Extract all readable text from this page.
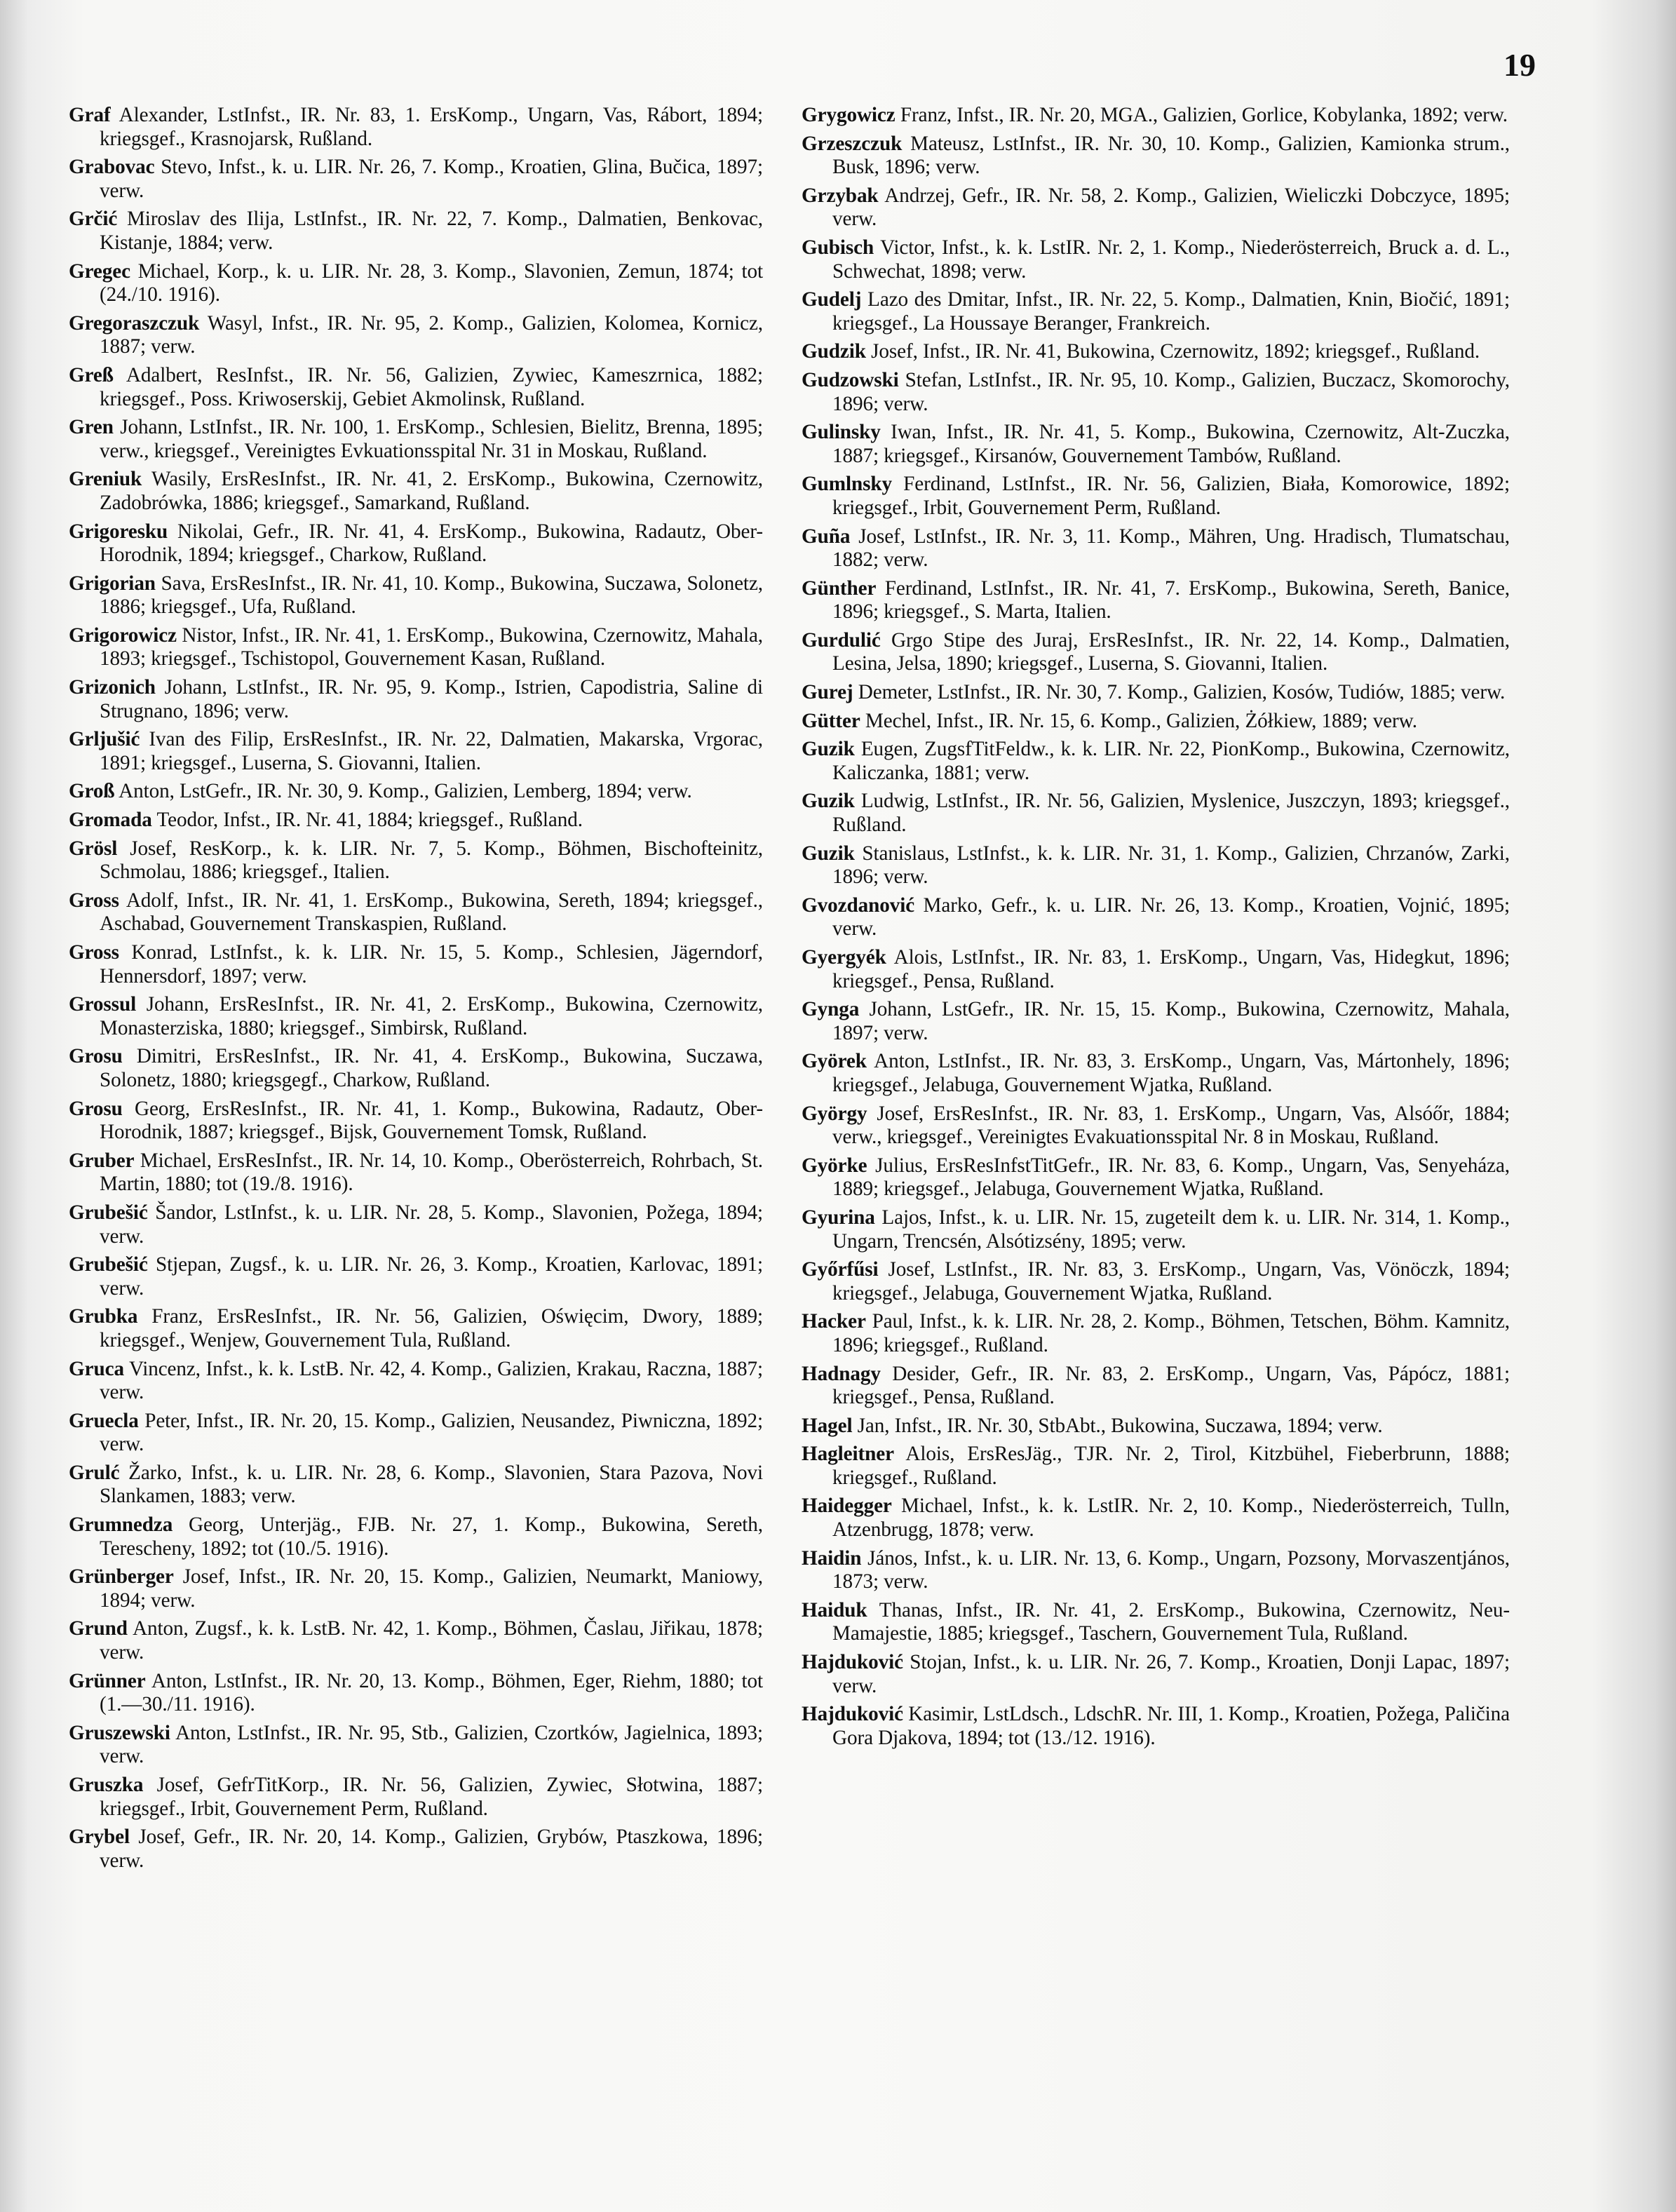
19

Graf Alexander, LstInfst., IR. Nr. 83, 1. ErsKomp., Ungarn, Vas, Rábort, 1894; kriegsgef., Krasnojarsk, Rußland.

Grabovac Stevo, Infst., k. u. LIR. Nr. 26, 7. Komp., Kroatien, Glina, Bučica, 1897; verw.

Grčić Miroslav des Ilija, LstInfst., IR. Nr. 22, 7. Komp., Dalmatien, Benkovac, Kistanje, 1884; verw.

Gregec Michael, Korp., k. u. LIR. Nr. 28, 3. Komp., Slavonien, Zemun, 1874; tot (24./10. 1916).

Gregoraszczuk Wasyl, Infst., IR. Nr. 95, 2. Komp., Galizien, Kolomea, Kornicz, 1887; verw.

Greß Adalbert, ResInfst., IR. Nr. 56, Galizien, Zywiec, Kameszrnica, 1882; kriegsgef., Poss. Kriwoserskij, Gebiet Akmolinsk, Rußland.

Gren Johann, LstInfst., IR. Nr. 100, 1. ErsKomp., Schlesien, Bielitz, Brenna, 1895; verw., kriegsgef., Vereinigtes Evkuationsspital Nr. 31 in Moskau, Rußland.

Greniuk Wasily, ErsResInfst., IR. Nr. 41, 2. ErsKomp., Bukowina, Czernowitz, Zadobrówka, 1886; kriegsgef., Samarkand, Rußland.

Grigoresku Nikolai, Gefr., IR. Nr. 41, 4. ErsKomp., Bukowina, Radautz, Ober-Horodnik, 1894; kriegsgef., Charkow, Rußland.

Grigorian Sava, ErsResInfst., IR. Nr. 41, 10. Komp., Bukowina, Suczawa, Solonetz, 1886; kriegsgef., Ufa, Rußland.

Grigorowicz Nistor, Infst., IR. Nr. 41, 1. ErsKomp., Bukowina, Czernowitz, Mahala, 1893; kriegsgef., Tschistopol, Gouvernement Kasan, Rußland.

Grizonich Johann, LstInfst., IR. Nr. 95, 9. Komp., Istrien, Capodistria, Saline di Strugnano, 1896; verw.

Grljušić Ivan des Filip, ErsResInfst., IR. Nr. 22, Dalmatien, Makarska, Vrgorac, 1891; kriegsgef., Luserna, S. Giovanni, Italien.

Groß Anton, LstGefr., IR. Nr. 30, 9. Komp., Galizien, Lemberg, 1894; verw.

Gromada Teodor, Infst., IR. Nr. 41, 1884; kriegsgef., Rußland.

Grösl Josef, ResKorp., k. k. LIR. Nr. 7, 5. Komp., Böhmen, Bischofteinitz, Schmolau, 1886; kriegsgef., Italien.

Gross Adolf, Infst., IR. Nr. 41, 1. ErsKomp., Bukowina, Sereth, 1894; kriegsgef., Aschabad, Gouvernement Transkaspien, Rußland.

Gross Konrad, LstInfst., k. k. LIR. Nr. 15, 5. Komp., Schlesien, Jägerndorf, Hennersdorf, 1897; verw.

Grossul Johann, ErsResInfst., IR. Nr. 41, 2. ErsKomp., Bukowina, Czernowitz, Monasterziska, 1880; kriegsgef., Simbirsk, Rußland.

Grosu Dimitri, ErsResInfst., IR. Nr. 41, 4. ErsKomp., Bukowina, Suczawa, Solonetz, 1880; kriegsgegf., Charkow, Rußland.

Grosu Georg, ErsResInfst., IR. Nr. 41, 1. Komp., Bukowina, Radautz, Ober-Horodnik, 1887; kriegsgef., Bijsk, Gouvernement Tomsk, Rußland.

Gruber Michael, ErsResInfst., IR. Nr. 14, 10. Komp., Oberösterreich, Rohrbach, St. Martin, 1880; tot (19./8. 1916).

Grubešić Šandor, LstInfst., k. u. LIR. Nr. 28, 5. Komp., Slavonien, Požega, 1894; verw.

Grubešić Stjepan, Zugsf., k. u. LIR. Nr. 26, 3. Komp., Kroatien, Karlovac, 1891; verw.

Grubka Franz, ErsResInfst., IR. Nr. 56, Galizien, Oświęcim, Dwory, 1889; kriegsgef., Wenjew, Gouvernement Tula, Rußland.

Gruca Vincenz, Infst., k. k. LstB. Nr. 42, 4. Komp., Galizien, Krakau, Raczna, 1887; verw.

Gruecla Peter, Infst., IR. Nr. 20, 15. Komp., Galizien, Neusandez, Piwniczna, 1892; verw.

Grulć Žarko, Infst., k. u. LIR. Nr. 28, 6. Komp., Slavonien, Stara Pazova, Novi Slankamen, 1883; verw.

Grumnedza Georg, Unterjäg., FJB. Nr. 27, 1. Komp., Bukowina, Sereth, Terescheny, 1892; tot (10./5. 1916).

Grünberger Josef, Infst., IR. Nr. 20, 15. Komp., Galizien, Neumarkt, Maniowy, 1894; verw.

Grund Anton, Zugsf., k. k. LstB. Nr. 42, 1. Komp., Böhmen, Časlau, Jiřikau, 1878; verw.

Grünner Anton, LstInfst., IR. Nr. 20, 13. Komp., Böhmen, Eger, Riehm, 1880; tot (1.—30./11. 1916).

Gruszewski Anton, LstInfst., IR. Nr. 95, Stb., Galizien, Czortków, Jagielnica, 1893; verw.

Gruszka Josef, GefrTitKorp., IR. Nr. 56, Galizien, Zywiec, Słotwina, 1887; kriegsgef., Irbit, Gouvernement Perm, Rußland.

Grybel Josef, Gefr., IR. Nr. 20, 14. Komp., Galizien, Grybów, Ptaszkowa, 1896; verw.

Grygowicz Franz, Infst., IR. Nr. 20, MGA., Galizien, Gorlice, Kobylanka, 1892; verw.

Grzeszczuk Mateusz, LstInfst., IR. Nr. 30, 10. Komp., Galizien, Kamionka strum., Busk, 1896; verw.

Grzybak Andrzej, Gefr., IR. Nr. 58, 2. Komp., Galizien, Wieliczki Dobczyce, 1895; verw.

Gubisch Victor, Infst., k. k. LstIR. Nr. 2, 1. Komp., Niederösterreich, Bruck a. d. L., Schwechat, 1898; verw.

Gudelj Lazo des Dmitar, Infst., IR. Nr. 22, 5. Komp., Dalmatien, Knin, Biočić, 1891; kriegsgef., La Houssaye Beranger, Frankreich.

Gudzik Josef, Infst., IR. Nr. 41, Bukowina, Czernowitz, 1892; kriegsgef., Rußland.

Gudzowski Stefan, LstInfst., IR. Nr. 95, 10. Komp., Galizien, Buczacz, Skomorochy, 1896; verw.

Gulinsky Iwan, Infst., IR. Nr. 41, 5. Komp., Bukowina, Czernowitz, Alt-Zuczka, 1887; kriegsgef., Kirsanów, Gouvernement Tambów, Rußland.

Gumlnsky Ferdinand, LstInfst., IR. Nr. 56, Galizien, Biała, Komorowice, 1892; kriegsgef., Irbit, Gouvernement Perm, Rußland.

Guña Josef, LstInfst., IR. Nr. 3, 11. Komp., Mähren, Ung. Hradisch, Tlumatschau, 1882; verw.

Günther Ferdinand, LstInfst., IR. Nr. 41, 7. ErsKomp., Bukowina, Sereth, Banice, 1896; kriegsgef., S. Marta, Italien.

Gurdulić Grgo Stipe des Juraj, ErsResInfst., IR. Nr. 22, 14. Komp., Dalmatien, Lesina, Jelsa, 1890; kriegsgef., Luserna, S. Giovanni, Italien.

Gurej Demeter, LstInfst., IR. Nr. 30, 7. Komp., Galizien, Kosów, Tudiów, 1885; verw.

Gütter Mechel, Infst., IR. Nr. 15, 6. Komp., Galizien, Żółkiew, 1889; verw.

Guzik Eugen, ZugsfTitFeldw., k. k. LIR. Nr. 22, PionKomp., Bukowina, Czernowitz, Kaliczanka, 1881; verw.

Guzik Ludwig, LstInfst., IR. Nr. 56, Galizien, Myslenice, Juszczyn, 1893; kriegsgef., Rußland.

Guzik Stanislaus, LstInfst., k. k. LIR. Nr. 31, 1. Komp., Galizien, Chrzanów, Zarki, 1896; verw.

Gvozdanović Marko, Gefr., k. u. LIR. Nr. 26, 13. Komp., Kroatien, Vojnić, 1895; verw.

Gyergyék Alois, LstInfst., IR. Nr. 83, 1. ErsKomp., Ungarn, Vas, Hidegkut, 1896; kriegsgef., Pensa, Rußland.

Gynga Johann, LstGefr., IR. Nr. 15, 15. Komp., Bukowina, Czernowitz, Mahala, 1897; verw.

Györek Anton, LstInfst., IR. Nr. 83, 3. ErsKomp., Ungarn, Vas, Mártonhely, 1896; kriegsgef., Jelabuga, Gouvernement Wjatka, Rußland.

György Josef, ErsResInfst., IR. Nr. 83, 1. ErsKomp., Ungarn, Vas, Alsóőr, 1884; verw., kriegsgef., Vereinigtes Evakuationsspital Nr. 8 in Moskau, Rußland.

Györke Julius, ErsResInfstTitGefr., IR. Nr. 83, 6. Komp., Ungarn, Vas, Senyeháza, 1889; kriegsgef., Jelabuga, Gouvernement Wjatka, Rußland.

Gyurina Lajos, Infst., k. u. LIR. Nr. 15, zugeteilt dem k. u. LIR. Nr. 314, 1. Komp., Ungarn, Trencsén, Alsótizsény, 1895; verw.

Győrfűsi Josef, LstInfst., IR. Nr. 83, 3. ErsKomp., Ungarn, Vas, Vönöczk, 1894; kriegsgef., Jelabuga, Gouvernement Wjatka, Rußland.

Hacker Paul, Infst., k. k. LIR. Nr. 28, 2. Komp., Böhmen, Tetschen, Böhm. Kamnitz, 1896; kriegsgef., Rußland.

Hadnagy Desider, Gefr., IR. Nr. 83, 2. ErsKomp., Ungarn, Vas, Pápócz, 1881; kriegsgef., Pensa, Rußland.

Hagel Jan, Infst., IR. Nr. 30, StbAbt., Bukowina, Suczawa, 1894; verw.

Hagleitner Alois, ErsResJäg., TJR. Nr. 2, Tirol, Kitzbühel, Fieberbrunn, 1888; kriegsgef., Rußland.

Haidegger Michael, Infst., k. k. LstIR. Nr. 2, 10. Komp., Niederösterreich, Tulln, Atzenbrugg, 1878; verw.

Haidin János, Infst., k. u. LIR. Nr. 13, 6. Komp., Ungarn, Pozsony, Morvaszentjános, 1873; verw.

Haiduk Thanas, Infst., IR. Nr. 41, 2. ErsKomp., Bukowina, Czernowitz, Neu-Mamajestie, 1885; kriegsgef., Taschern, Gouvernement Tula, Rußland.

Hajduković Stojan, Infst., k. u. LIR. Nr. 26, 7. Komp., Kroatien, Donji Lapac, 1897; verw.

Hajduković Kasimir, LstLdsch., LdschR. Nr. III, 1. Komp., Kroatien, Požega, Paličina Gora Djakova, 1894; tot (13./12. 1916).
